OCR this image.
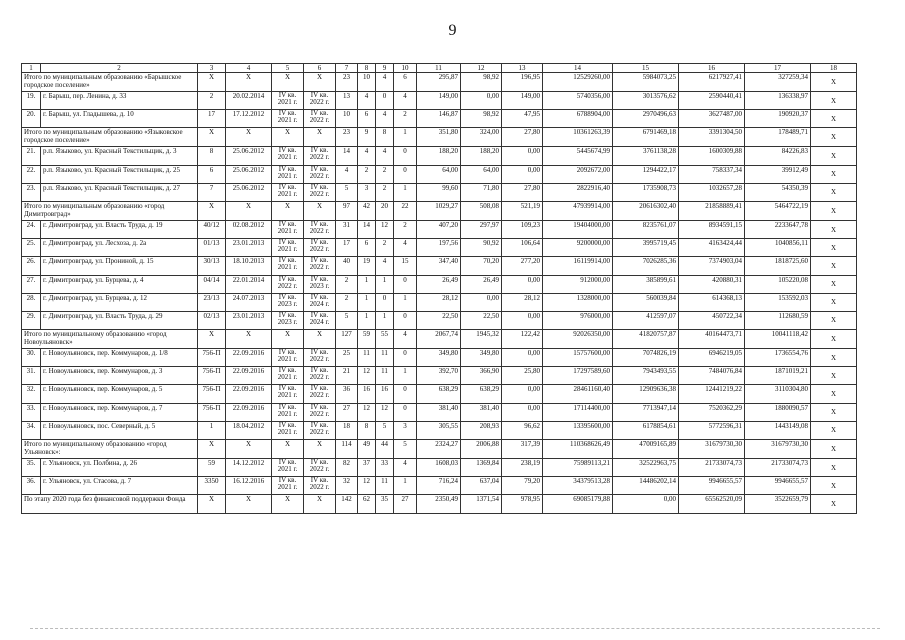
9
1	2	3	4	5	6	7	8	9	10	11	12	13	14	15	16	17	18
Итого по муниципальным образованию «Барышское городское поселение»		X	X	X	X	23	10	4	6	295,87	98,92	196,95	12529260,00	5984073,25	6217927,41	327259,34	X
19.	г. Барыш, пер. Ленина, д. 33	2	20.02.2014	IV кв.
2021 г.	IV кв.
2022 г.	13	4	0	4	149,00	0,00	149,00	5740356,00	3013576,62	2590440,41	136338,97	X
20.	г. Барыш, ул. Гладышева, д. 10	17	17.12.2012	IV кв.
2021 г.	IV кв.
2022 г.	10	6	4	2	146,87	98,92	47,95	6788904,00	2970496,63	3627487,00	190920,37	X
Итого по муниципальным образованию «Языковское городское поселение»		X	X	X	X	23	9	8	1	351,80	324,00	27,80	10361263,39	6791469,18	3391304,50	178489,71	X
21.	р.п. Языково, ул. Красный Текстильщик, д. 3	8	25.06.2012	IV кв.
2021 г.	IV кв.
2022 г.	14	4	4	0	188,20	188,20	0,00	5445674,99	3761138,28	1600309,88	84226,83	X
22.	р.п. Языково, ул. Красный Текстильщик, д. 25	6	25.06.2012	IV кв.
2021 г.	IV кв.
2022 г.	4	2	2	0	64,00	64,00	0,00	2092672,00	1294422,17	758337,34	39912,49	X
23.	р.п. Языково, ул. Красный Текстильщик, д. 27	7	25.06.2012	IV кв.
2021 г.	IV кв.
2022 г.	5	3	2	1	99,60	71,80	27,80	2822916,40	1735908,73	1032657,28	54350,39	X
Итого по муниципальным образованию «город Димитровград»		X	X	X	X	97	42	20	22	1029,27	508,08	521,19	47939914,00	20616302,40	21858889,41	5464722,19	X
24.	г. Димитровград, ул. Власть Труда, д. 19	40/12	02.08.2012	IV кв.
2021 г.	IV кв.
2022 г.	31	14	12	2	407,20	297,97	109,23	19404000,00	8235761,07	8934591,15	2233647,78	X
25.	г. Димитровград, ул. Лесхоза, д. 2а	01/13	23.01.2013	IV кв.
2021 г.	IV кв.
2022 г.	17	6	2	4	197,56	90,92	106,64	9200000,00	3995719,45	4163424,44	1040856,11	X
26.	г. Димитровград, ул. Прониной, д. 15	30/13	18.10.2013	IV кв.
2021 г.	IV кв.
2022 г.	40	19	4	15	347,40	70,20	277,20	16119914,00	7026285,36	7374903,04	1818725,60	X
27.	г. Димитровград, ул. Бурцева, д. 4	04/14	22.01.2014	IV кв.
2022 г.	IV кв.
2023 г.	2	1	1	0	26,49	26,49	0,00	912000,00	385899,61	420880,31	105220,08	X
28.	г. Димитровград, ул. Бурцева, д. 12	23/13	24.07.2013	IV кв.
2023 г.	IV кв.
2024 г.	2	1	0	1	28,12	0,00	28,12	1328000,00	560039,84	614368,13	153592,03	X
29.	г. Димитровград, ул. Власть Труда, д. 29	02/13	23.01.2013	IV кв.
2023 г.	IV кв.
2024 г.	5	1	1	0	22,50	22,50	0,00	976000,00	412597,07	450722,34	112680,59	X
Итого по муниципальному образованию «город Новоульяновск»		X	X	X	X	127	59	55	4	2067,74	1945,32	122,42	92026350,00	41820757,87	40164473,71	10041118,42	X
30.	г. Новоульяновск, пер. Коммунаров, д. 1/8	756-П	22.09.2016	IV кв.
2021 г.	IV кв.
2022 г.	25	11	11	0	349,80	349,80	0,00	15757600,00	7074826,19	6946219,05	1736554,76	X
31.	г. Новоульяновск, пер. Коммунаров, д. 3	756-П	22.09.2016	IV кв.
2021 г.	IV кв.
2022 г.	21	12	11	1	392,70	366,90	25,80	17297589,60	7943493,55	7484076,84	1871019,21	X
32.	г. Новоульяновск, пер. Коммунаров, д. 5	756-П	22.09.2016	IV кв.
2021 г.	IV кв.
2022 г.	36	16	16	0	638,29	638,29	0,00	28461160,40	12909636,38	12441219,22	3110304,80	X
33.	г. Новоульяновск, пер. Коммунаров, д. 7	756-П	22.09.2016	IV кв.
2021 г.	IV кв.
2022 г.	27	12	12	0	381,40	381,40	0,00	17114400,00	7713947,14	7520362,29	1880090,57	X
34.	г. Новоульяновск, пос. Северный, д. 5	1	18.04.2012	IV кв.
2021 г.	IV кв.
2022 г.	18	8	5	3	305,55	208,93	96,62	13395600,00	6178854,61	5772596,31	1443149,08	X
Итого по муниципальному образованию «город Ульяновск»:		X	X	X	X	114	49	44	5	2324,27	2006,88	317,39	110368626,49	47009165,89	31679730,30	31679730,30	X
35.	г. Ульяновск, ул. Полбина, д. 26	59	14.12.2012	IV кв.
2021 г.	IV кв.
2022 г.	82	37	33	4	1608,03	1369,84	238,19	75989113,21	32522963,75	21733074,73	21733074,73	X
36.	г. Ульяновск, ул. Стасова, д. 7	3350	16.12.2016	IV кв.
2021 г.	IV кв.
2022 г.	32	12	11	1	716,24	637,04	79,20	34379513,28	14486202,14	9946655,57	9946655,57	X
По этапу 2020 года без финансовой поддержки Фонда		X	X	X	X	142	62	35	27	2350,49	1371,54	978,95	69085179,88	0,00	65562520,09	3522659,79	X
